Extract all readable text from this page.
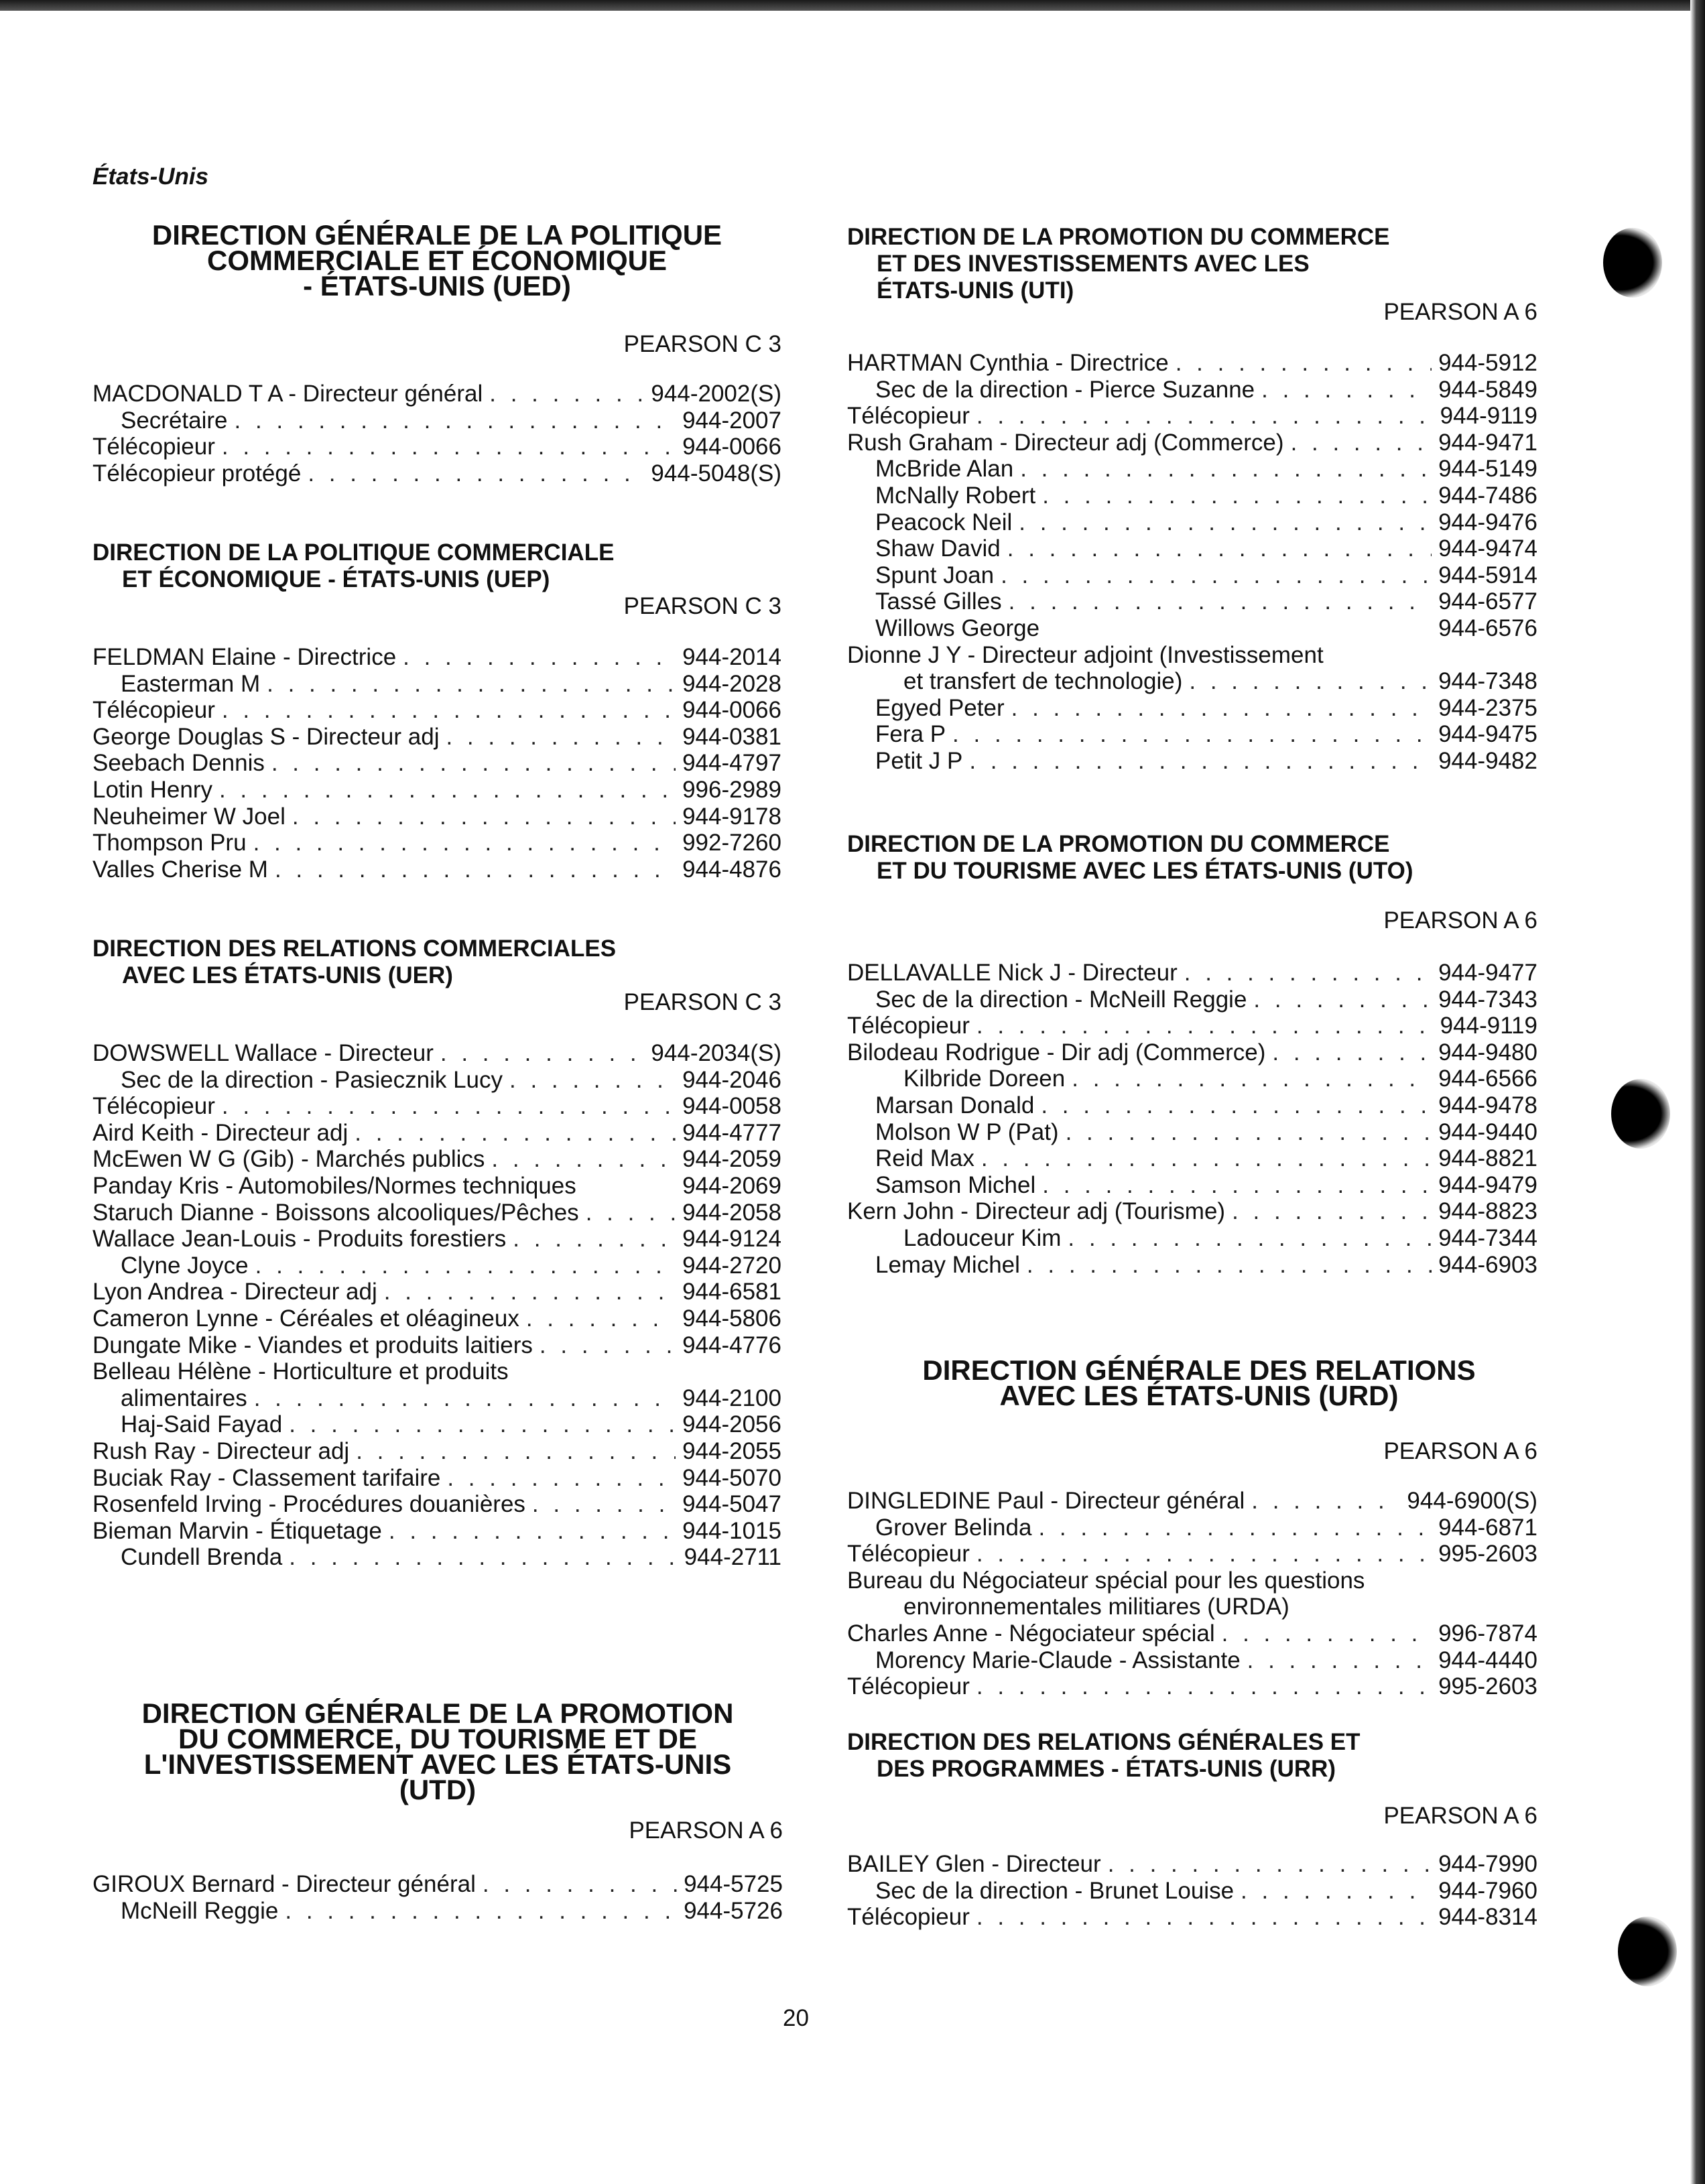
États-Unis
DIRECTION GÉNÉRALE DE LA POLITIQUE
COMMERCIALE ET ÉCONOMIQUE
- ÉTATS-UNIS (UED)
PEARSON C 3
MACDONALD T A - Directeur général . . .	944-2002(S)
Secrétaire . . .	944-2007
Télécopieur . . .	944-0066
Télécopieur protégé . . .	944-5048(S)
DIRECTION DE LA POLITIQUE COMMERCIALE
ET ÉCONOMIQUE - ÉTATS-UNIS (UEP)
PEARSON C 3
FELDMAN Elaine - Directrice . . .	944-2014
Easterman M . . .	944-2028
Télécopieur . . .	944-0066
George Douglas S - Directeur adj . . .	944-0381
Seebach Dennis . . .	944-4797
Lotin Henry . . .	996-2989
Neuheimer W Joel . . .	944-9178
Thompson Pru . . .	992-7260
Valles Cherise M . . .	944-4876
DIRECTION DES RELATIONS COMMERCIALES
AVEC LES ÉTATS-UNIS (UER)
PEARSON C 3
DOWSWELL Wallace - Directeur . . .	944-2034(S)
Sec de la direction - Pasiecznik Lucy . . .	944-2046
Télécopieur . . .	944-0058
Aird Keith - Directeur adj . . .	944-4777
McEwen W G (Gib) - Marchés publics . . .	944-2059
Panday Kris - Automobiles/Normes techniques	944-2069
Staruch Dianne - Boissons alcooliques/Pêches . . .	944-2058
Wallace Jean-Louis - Produits forestiers . . .	944-9124
Clyne Joyce . . .	944-2720
Lyon Andrea - Directeur adj . . .	944-6581
Cameron Lynne - Céréales et oléagineux . . .	944-5806
Dungate Mike - Viandes et produits laitiers . . .	944-4776
Belleau Hélène - Horticulture et produits
alimentaires . . .	944-2100
Haj-Said Fayad . . .	944-2056
Rush Ray - Directeur adj . . .	944-2055
Buciak Ray - Classement tarifaire . . .	944-5070
Rosenfeld Irving - Procédures douanières . . .	944-5047
Bieman Marvin - Étiquetage . . .	944-1015
Cundell Brenda . . .	944-2711
DIRECTION GÉNÉRALE DE LA PROMOTION
DU COMMERCE, DU TOURISME ET DE
L'INVESTISSEMENT AVEC LES ÉTATS-UNIS
(UTD)
PEARSON A 6
GIROUX Bernard - Directeur général . . .	944-5725
McNeill Reggie . . .	944-5726
DIRECTION DE LA PROMOTION DU COMMERCE
ET DES INVESTISSEMENTS AVEC LES
ÉTATS-UNIS (UTI)
PEARSON A 6
HARTMAN Cynthia - Directrice . . .	944-5912
Sec de la direction - Pierce Suzanne . . .	944-5849
Télécopieur . . .	944-9119
Rush Graham - Directeur adj (Commerce) . . .	944-9471
McBride Alan . . .	944-5149
McNally Robert . . .	944-7486
Peacock Neil . . .	944-9476
Shaw David . . .	944-9474
Spunt Joan . . .	944-5914
Tassé Gilles . . .	944-6577
Willows George	944-6576
Dionne J Y - Directeur adjoint (Investissement
et transfert de technologie) . . .	944-7348
Egyed Peter . . .	944-2375
Fera P . . .	944-9475
Petit J P . . .	944-9482
DIRECTION DE LA PROMOTION DU COMMERCE
ET DU TOURISME AVEC LES ÉTATS-UNIS (UTO)
PEARSON A 6
DELLAVALLE Nick J - Directeur . . .	944-9477
Sec de la direction - McNeill Reggie . . .	944-7343
Télécopieur . . .	944-9119
Bilodeau Rodrigue - Dir adj (Commerce) . . .	944-9480
Kilbride Doreen . . .	944-6566
Marsan Donald . . .	944-9478
Molson W P (Pat) . . .	944-9440
Reid Max . . .	944-8821
Samson Michel . . .	944-9479
Kern John - Directeur adj (Tourisme) . . .	944-8823
Ladouceur Kim . . .	944-7344
Lemay Michel . . .	944-6903
DIRECTION GÉNÉRALE DES RELATIONS
AVEC LES ÉTATS-UNIS (URD)
PEARSON A 6
DINGLEDINE Paul - Directeur général . . .	944-6900(S)
Grover Belinda . . .	944-6871
Télécopieur . . .	995-2603
Bureau du Négociateur spécial pour les questions
environnementales militiares (URDA)
Charles Anne - Négociateur spécial . . .	996-7874
Morency Marie-Claude - Assistante . . .	944-4440
Télécopieur . . .	995-2603
DIRECTION DES RELATIONS GÉNÉRALES ET
DES PROGRAMMES - ÉTATS-UNIS (URR)
PEARSON A 6
BAILEY Glen - Directeur . . .	944-7990
Sec de la direction - Brunet Louise . . .	944-7960
Télécopieur . . .	944-8314
20
